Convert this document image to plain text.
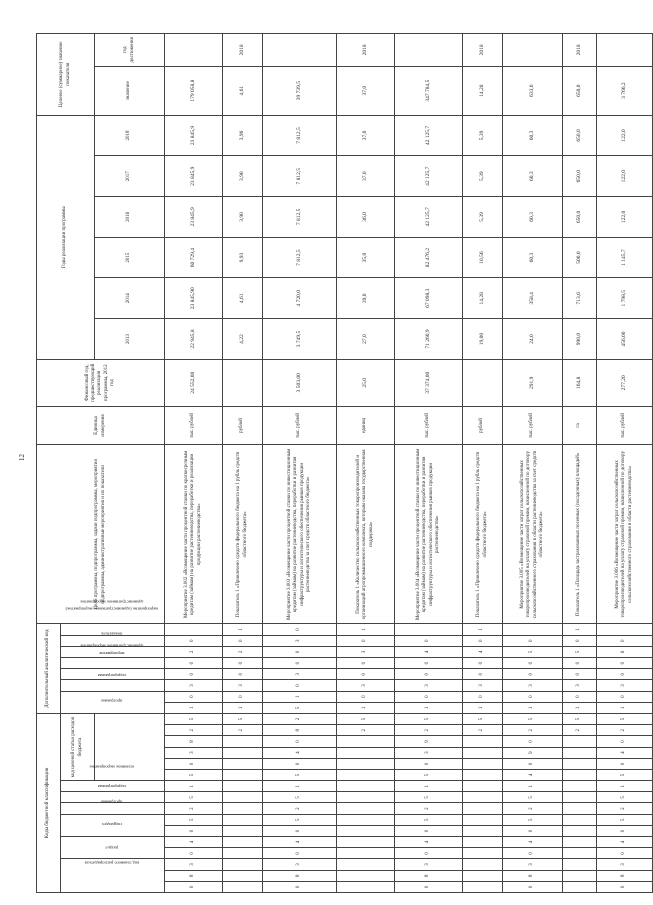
12
Коды бюджетной классификации																Дополнительный аналитический код								Цели программы, подпрограммы, задачи подпрограммы, мероприятия подпрограммы, административные мероприятия и их показатели	Единица измерения	Финансовый год, предшествующий реализации программы, 2012 год	Годы реализации программы						Целевое (суммарное) значение показателя	
код главного распорядителя			раздел		подраздел		программа	подпрограмма	основное мероприятие	код целевой статьи расходов бюджета						программа		подпрограмма	административное мероприятие	мероприятие	мероприятие (административное мероприятие)	показатель	административное мероприятие											
																											2013	2014	2015	2016	2017	2018	значение	год достижения
0	8	3	0	4	0	5	2	5	1	5	0	3	8	2	5	1	0	3	0	0	2	0		Мероприятие 3.002 «Возмещение части процентной ставки по краткосрочным кредитам (займам) на развитие растениеводства, переработки и реализации продукции растениеводства»	тыс. рублей	24 552,00	22 945,8	23 845,90	60 729,4	23 845,9	23 845,9	23 845,9	179 058,8	
														2	5	1	0	3	0	0	2	0	1	Показатель 1 «Привлечено средств федерального бюджета на 1 рубль средств областного бюджета»	рублей		4,22	4,61	9,93	3,90	3,90	3,90	4,61	2018
0	8	3	0	4	0	5	2	5	1	5	0	4	0	8	2	5	1	0	3	0	0	3	0	Мероприятие 3.003 «Возмещение части процентной ставки по инвестиционным кредитам (займам) на развитие растениеводства, переработки и развития инфраструктуры и логистического обеспечения рынков продукции растениеводства за счет средств областного бюджета»	тыс. рублей	3 503,00	3 749,5	4 720,0	7 812,5	7 812,5	7 812,5	7 812,5	39 739,5	
														2	5	1	0	3	0	0	3	0	1	Показатель 1 «Количество сельскохозяйственных товаропроизводителей и организаций агропромышленного комплекса, которым оказана государственная поддержка»	единиц	25,0	27,0	39,0	35,0	36,0	37,0	37,0	37,0	2018
0	8	3	0	4	0	5	2	5	1	5	0	3	9	2	5	1	0	3	0	0	4	0		Мероприятие 3.004 «Возмещение части процентной ставки по инвестиционным кредитам (займам) на развитие растениеводства, переработки и развития инфраструктуры и логистического обеспечения рынков продукции растениеводства»	тыс. рублей	37 374,00	71 260,9	67 098,3	82 476,2	42 125,7	42 125,7	42 125,7	347 784,5	
														2	5	1	0	3	0	0	4	0	1	Показатель 1 «Привлечено средств федерального бюджета на 1 рубль средств областного бюджета»	рублей		19,00	14,28	10,56	5,39	5,39	5,39	14,28	2018
0	8	3	0	4	0	5	2	5	1	4	0	9	0	2	5	1	0	3	0	0	5	0		Мероприятие 3.005 «Возмещение части затрат сельскохозяйственных товаропроизводителей на уплату страховой премии, начисленной по договору сельскохозяйственного страхования в области растениеводства за счет средств областного бюджета»	тыс. рублей	291,9	24,0	358,4	60,3	60,3	60,3	60,3	633,6	
														2	5	1	0	3	0	0	5	0	1	Показатель 1 «Площадь застрахованных посевных (посадочных) площадей»	га	164,8	990,0	713,6	500,0	650,0	650,0	650,0	650,0	2018
0	8	3	0	4	0	5	2	5	1	5	0	4	0	2	5	1	0	3	0	0	6	0		Мероприятие 3.006 «Возмещение части затрат сельскохозяйственных товаропроизводителей на уплату страховой премии, начисленной по договору сельскохозяйственного страхования в области растениеводства»	тыс. рублей	277,20	456,00	1 798,5	1 145,7	122,0	122,0	122,0	3 766,2	
